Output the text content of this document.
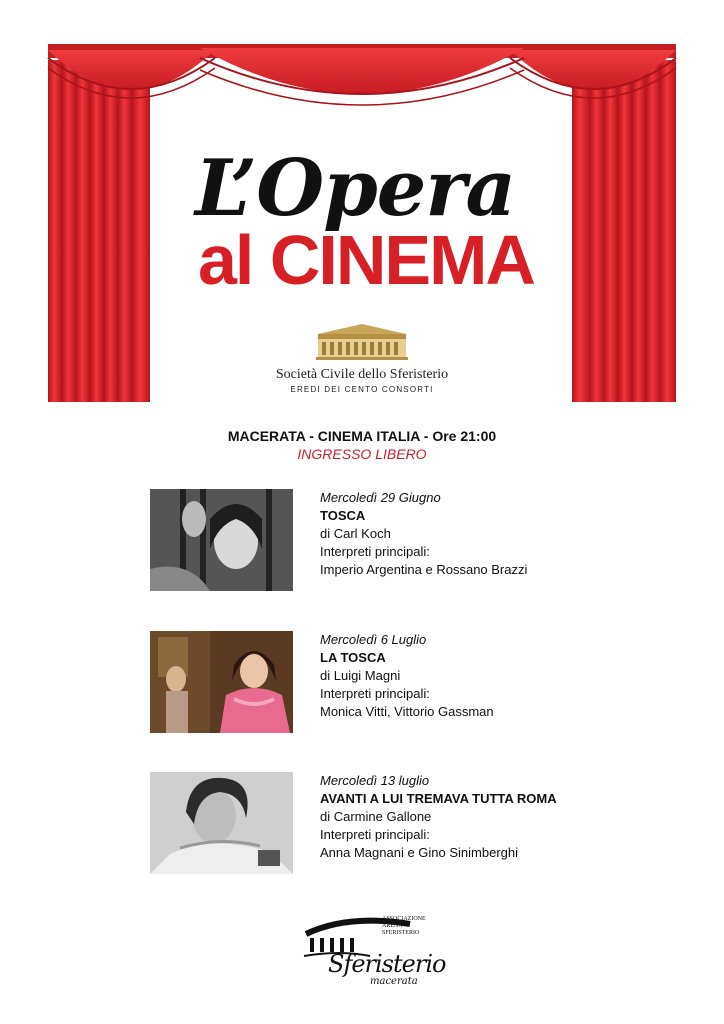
L’Opera
al CINEMA
Società Civile dello Sferisterio
EREDI DEI CENTO CONSORTI
MACERATA - CINEMA ITALIA - Ore 21:00
INGRESSO LIBERO
Mercoledì 29 Giugno
TOSCA
di Carl Koch
Interpreti principali:
Imperio Argentina e Rossano Brazzi
Mercoledì 6 Luglio
LA TOSCA
di Luigi Magni
Interpreti principali:
Monica Vitti, Vittorio Gassman
Mercoledì 13 luglio
AVANTI A LUI TREMAVA TUTTA ROMA
di Carmine Gallone
Interpreti principali:
Anna Magnani e Gino Sinimberghi
ASSOCIAZIONE
ARENA
SFERISTERIO
Sferisterio
macerata
